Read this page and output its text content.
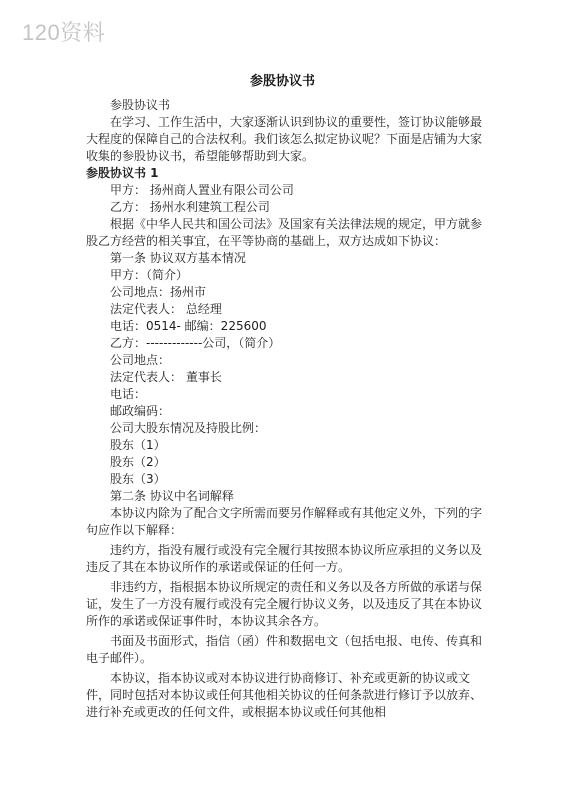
120资料
参股协议书

参股协议书

在学习、工作生活中，大家逐渐认识到协议的重要性，签订协议能够最大程度的保障自己的合法权利。我们该怎么拟定协议呢？下面是店铺为大家收集的参股协议书，希望能够帮助到大家。

参股协议书 1

甲方： 扬州商人置业有限公司公司

乙方： 扬州水利建筑工程公司

根据《中华人民共和国公司法》及国家有关法律法规的规定，甲方就参股乙方经营的相关事宜，在平等协商的基础上，双方达成如下协议：

第一条 协议双方基本情况

甲方：（简介）

公司地点：扬州市

法定代表人： 总经理

电话：0514- 邮编：225600

乙方：-------------公司，（简介）

公司地点：

法定代表人： 董事长

电话：

邮政编码：

公司大股东情况及持股比例：

股东（1）

股东（2）

股东（3）

第二条 协议中名词解释

本协议内除为了配合文字所需而要另作解释或有其他定义外，下列的字句应作以下解释：

违约方，指没有履行或没有完全履行其按照本协议所应承担的义务以及违反了其在本协议所作的承诺或保证的任何一方。

非违约方，指根据本协议所规定的责任和义务以及各方所做的承诺与保证，发生了一方没有履行或没有完全履行协议义务，以及违反了其在本协议所作的承诺或保证事件时，本协议其余各方。

书面及书面形式，指信（函）件和数据电文（包括电报、电传、传真和电子邮件）。

本协议，指本协议或对本协议进行协商修订、补充或更新的协议或文件，同时包括对本协议或任何其他相关协议的任何条款进行修订予以放弃、进行补充或更改的任何文件，或根据本协议或任何其他相
